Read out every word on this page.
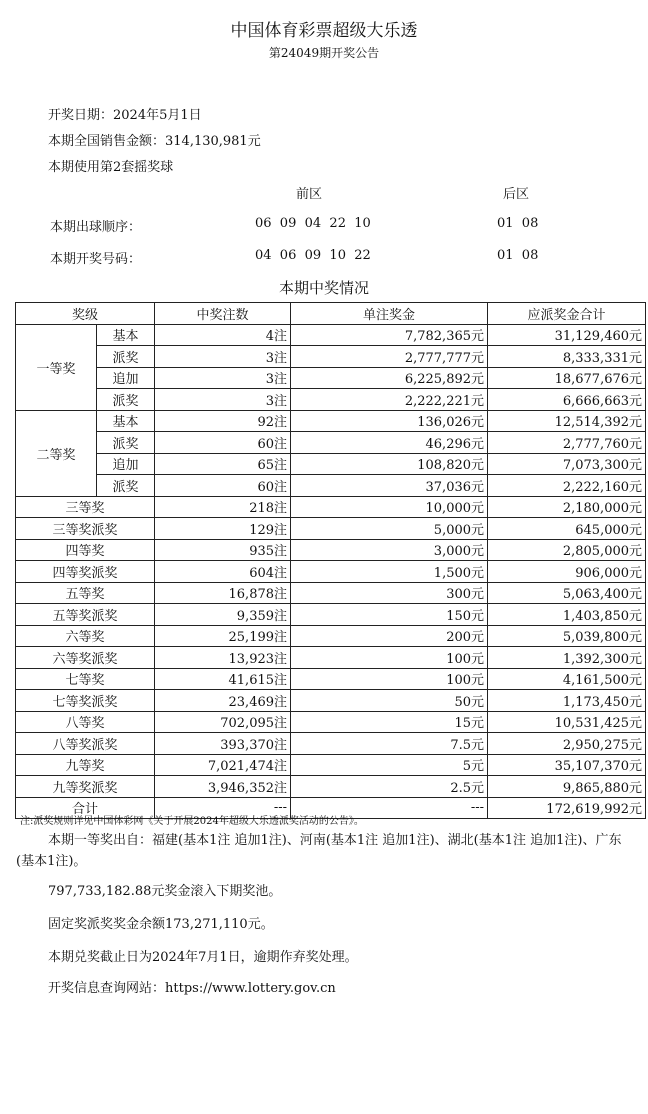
中国体育彩票超级大乐透
第24049期开奖公告
开奖日期：2024年5月1日
本期全国销售金额：314,130,981元
本期使用第2套摇奖球
前区	后区
本期出球顺序：	06  09  04  22  10	01  08
本期开奖号码：	04  06  09  10  22	01  08
本期中奖情况
奖级		中奖注数	单注奖金	应派奖金合计
一等奖	基本	4注	7,782,365元	31,129,460元
	派奖	3注	2,777,777元	8,333,331元
	追加	3注	6,225,892元	18,677,676元
	派奖	3注	2,222,221元	6,666,663元
二等奖	基本	92注	136,026元	12,514,392元
	派奖	60注	46,296元	2,777,760元
	追加	65注	108,820元	7,073,300元
	派奖	60注	37,036元	2,222,160元
三等奖		218注	10,000元	2,180,000元
三等奖派奖		129注	5,000元	645,000元
四等奖		935注	3,000元	2,805,000元
四等奖派奖		604注	1,500元	906,000元
五等奖		16,878注	300元	5,063,400元
五等奖派奖		9,359注	150元	1,403,850元
六等奖		25,199注	200元	5,039,800元
六等奖派奖		13,923注	100元	1,392,300元
七等奖		41,615注	100元	4,161,500元
七等奖派奖		23,469注	50元	1,173,450元
八等奖		702,095注	15元	10,531,425元
八等奖派奖		393,370注	7.5元	2,950,275元
九等奖		7,021,474注	5元	35,107,370元
九等奖派奖		3,946,352注	2.5元	9,865,880元
合计		---	---	172,619,992元
注:派奖规则详见中国体彩网《关于开展2024年超级大乐透派奖活动的公告》。
本期一等奖出自：福建(基本1注 追加1注)、河南(基本1注 追加1注)、湖北(基本1注 追加1注)、广东(基本1注)。
797,733,182.88元奖金滚入下期奖池。
固定奖派奖奖金余额173,271,110元。
本期兑奖截止日为2024年7月1日，逾期作弃奖处理。
开奖信息查询网站：https://www.lottery.gov.cn
